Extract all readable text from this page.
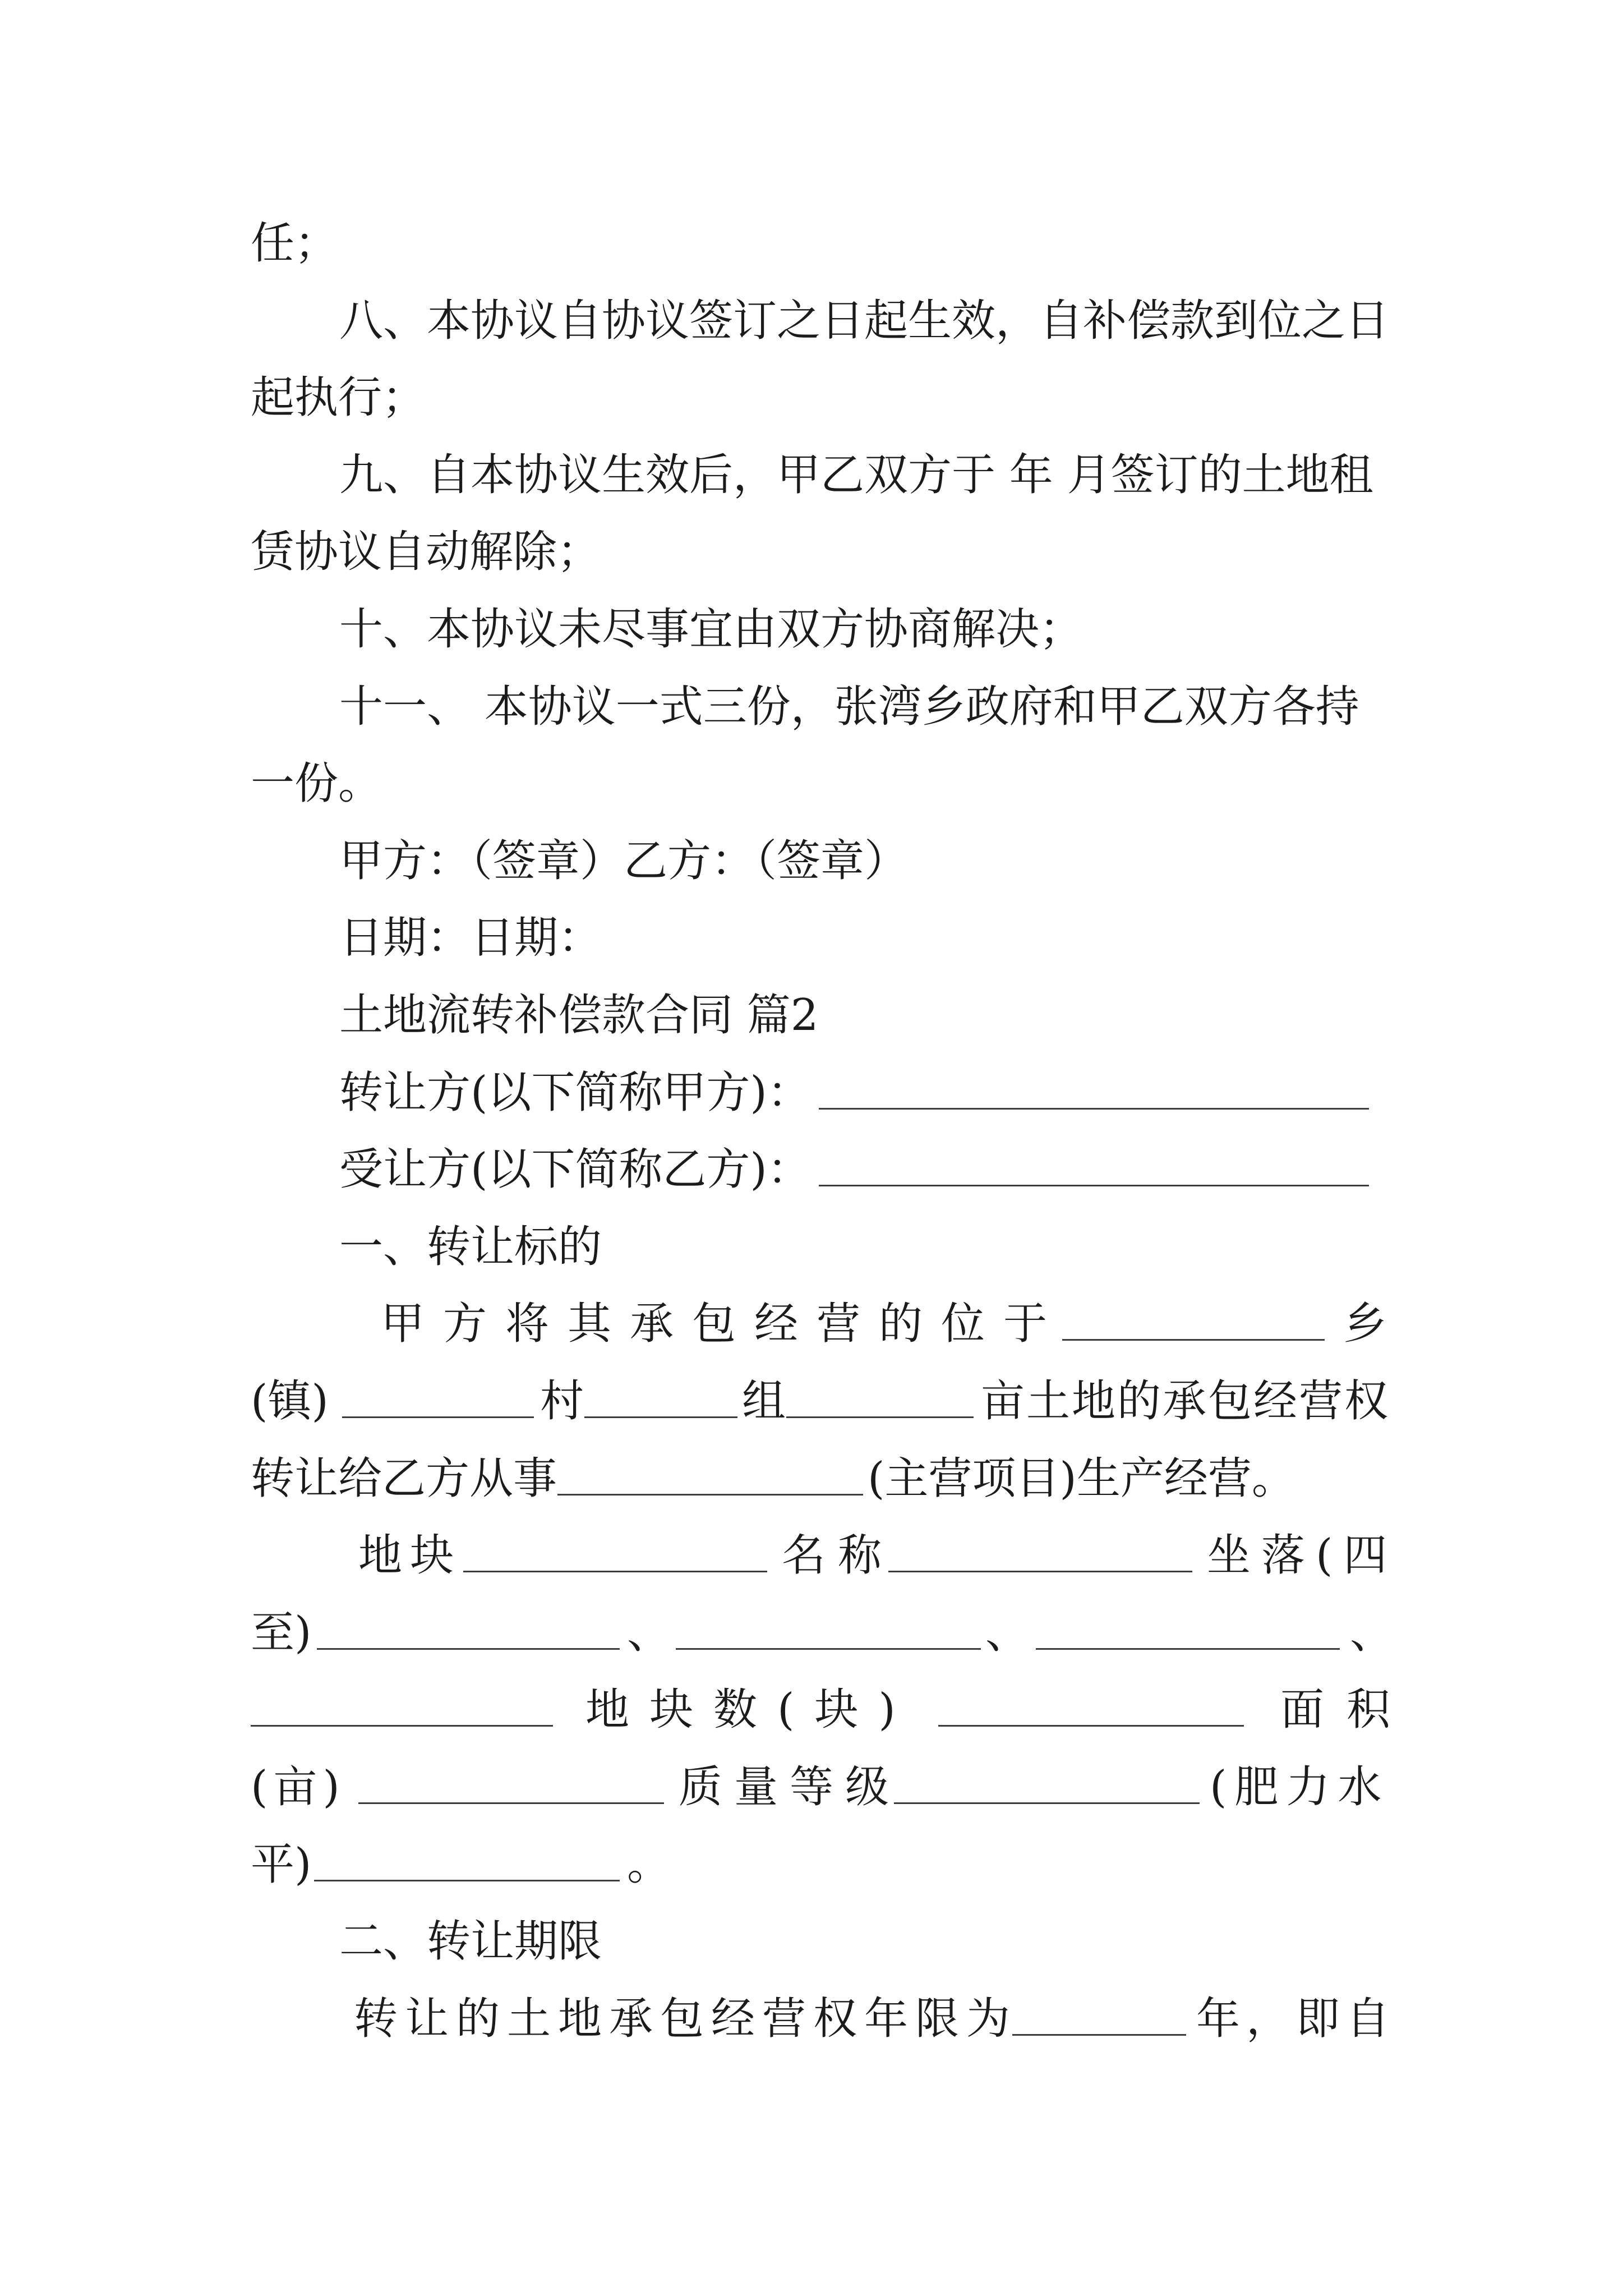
任；
八、本协议自协议签订之日起生效，自补偿款到位之日
起执行；
九、自本协议生效后，甲乙双方于 年 月签订的土地租
赁协议自动解除；
十、本协议未尽事宜由双方协商解决；
十一、 本协议一式三份，张湾乡政府和甲乙双方各持
一份。
甲方：（签章）乙方：（签章）
日期：日期：
土地流转补偿款合同 篇2
转让方(以下简称甲方)：
受让方(以下简称乙方)：
一、转让标的
甲方将其承包经营的位于	乡
(镇)	村	组	亩土地的承包经营权
转让给乙方从事	(主营项目)生产经营。
地块	名称	坐落(四
至)	、	、	、
地块数(块)	面积
(亩)	质量等级	(肥力水
平)	。
二、转让期限
转让的土地承包经营权年限为	年，即自
